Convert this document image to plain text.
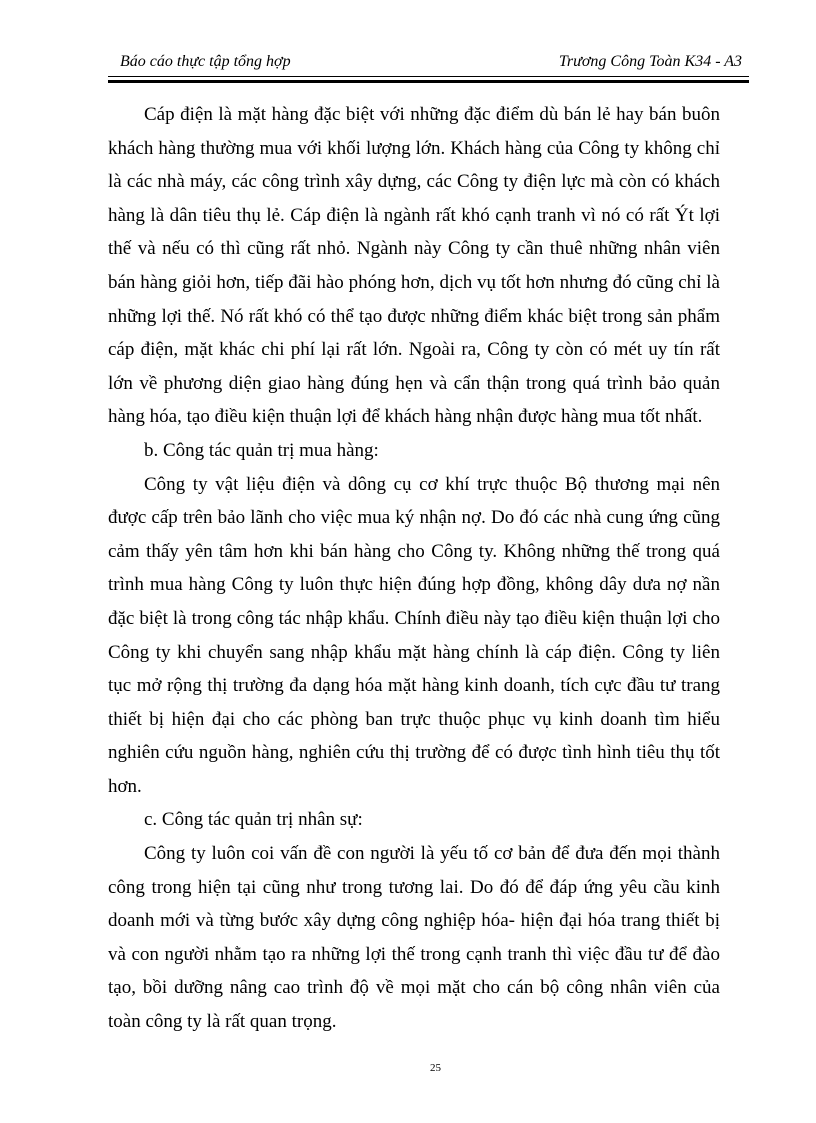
Báo cáo thực tập tổng hợp	Trương Công Toàn K34 - A3

Cáp điện là mặt hàng đặc biệt với những đặc điểm dù bán lẻ hay bán buôn khách hàng thường mua với khối lượng lớn. Khách hàng của Công ty không chỉ là các nhà máy, các công trình xây dựng, các Công ty điện lực mà còn có khách hàng là dân tiêu thụ lẻ. Cáp điện là ngành rất khó cạnh tranh vì nó có rất Ýt lợi thế và nếu có thì cũng rất nhỏ. Ngành này Công ty cần thuê những nhân viên bán hàng giỏi hơn, tiếp đãi hào phóng hơn, dịch vụ tốt hơn nhưng đó cũng chỉ là những lợi thế. Nó rất khó có thể tạo được những điểm khác biệt trong sản phẩm cáp điện, mặt khác chi phí lại rất lớn. Ngoài ra, Công ty còn có mét uy tín rất lớn về phương diện giao hàng đúng hẹn và cẩn thận trong quá trình bảo quản hàng hóa, tạo điều kiện thuận lợi để khách hàng nhận được hàng mua tốt nhất.

b. Công tác quản trị mua hàng:

Công ty vật liệu điện và dông cụ cơ khí trực thuộc Bộ thương mại nên được cấp trên bảo lãnh cho việc mua ký nhận nợ. Do đó các nhà cung ứng cũng cảm thấy yên tâm hơn khi bán hàng cho Công ty. Không những thế trong quá trình mua hàng Công ty luôn thực hiện đúng hợp đồng, không dây dưa nợ nần đặc biệt là trong công tác nhập khẩu. Chính điều này tạo điều kiện thuận lợi cho Công ty khi chuyển sang nhập khẩu mặt hàng chính là cáp điện. Công ty liên tục mở rộng thị trường đa dạng hóa mặt hàng kinh doanh, tích cực đầu tư trang thiết bị hiện đại cho các phòng ban trực thuộc phục vụ kinh doanh tìm hiểu nghiên cứu nguồn hàng, nghiên cứu thị trường để có được tình hình tiêu thụ tốt hơn.

c. Công tác quản trị nhân sự:

Công ty luôn coi vấn đề con người là yếu tố cơ bản để đưa đến mọi thành công trong hiện tại cũng như trong tương lai. Do đó để đáp ứng yêu cầu kinh doanh mới và từng bước xây dựng công nghiệp hóa- hiện đại hóa trang thiết bị và con người nhằm tạo ra những lợi thế trong cạnh tranh thì việc đầu tư để đào tạo, bồi dưỡng nâng cao trình độ về mọi mặt cho cán bộ công nhân viên của toàn công ty là rất quan trọng.

25
